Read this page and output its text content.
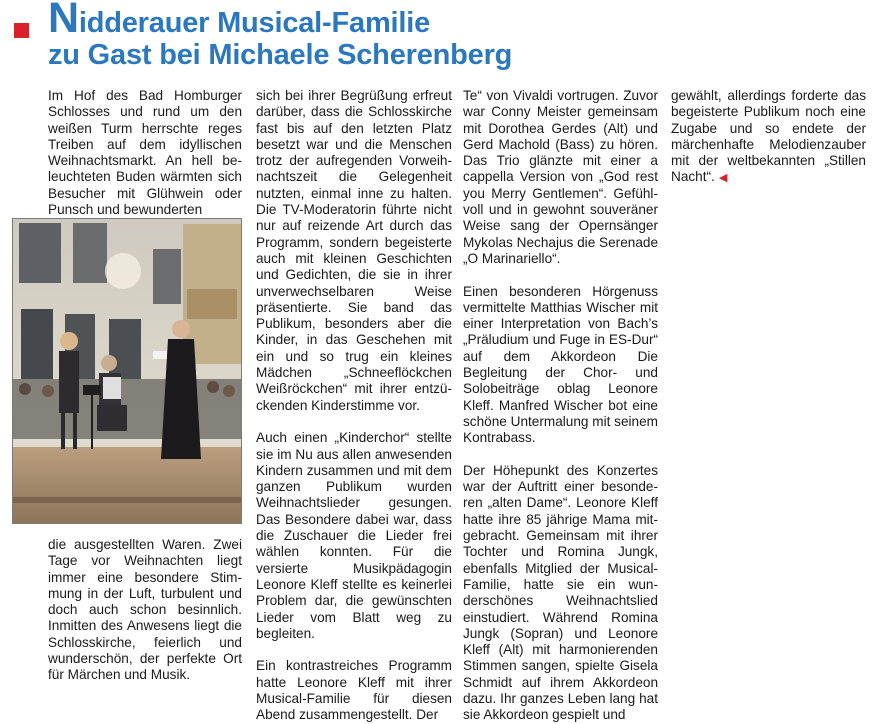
Nidderauer Musical-Familie
zu Gast bei Michaele Scherenberg

Im Hof des Bad Homburger Schlosses und rund um den weißen Turm herrschte reges Treiben auf dem idyllischen Weihnachtsmarkt. An hell beleuchteten Buden wärmten sich Besucher mit Glühwein oder Punsch und bewunderten

die ausgestellten Waren. Zwei Tage vor Weihnachten liegt immer eine besondere Stimmung in der Luft, turbulent und doch auch schon besinnlich. Inmitten des Anwesens liegt die Schlosskirche, feierlich und wunderschön, der perfekte Ort für Märchen und Musik.

sich bei ihrer Begrüßung erfreut darüber, dass die Schlosskirche fast bis auf den letzten Platz besetzt war und die Menschen trotz der aufregenden Vorweihnachtszeit die Gelegenheit nutzten, einmal inne zu halten. Die TV-Moderatorin führte nicht nur auf reizende Art durch das Programm, sondern begeisterte auch mit kleinen Geschichten und Gedichten, die sie in ihrer unverwechselbaren Weise präsentierte. Sie band das Publikum, besonders aber die Kinder, in das Geschehen mit ein und so trug ein kleines Mädchen „Schneeflöckchen Weißröckchen“ mit ihrer entzückenden Kinderstimme vor.

Auch einen „Kinderchor“ stellte sie im Nu aus allen anwesenden Kindern zusammen und mit dem ganzen Publikum wurden Weihnachtslieder gesungen. Das Besondere dabei war, dass die Zuschauer die Lieder frei wählen konnten. Für die versierte Musikpädagogin Leonore Kleff stellte es keinerlei Problem dar, die gewünschten Lieder vom Blatt weg zu begleiten.

Ein kontrastreiches Programm hatte Leonore Kleff mit ihrer Musical-Familie für diesen Abend zusammengestellt. Der

Te“ von Vivaldi vortrugen. Zuvor war Conny Meister gemeinsam mit Dorothea Gerdes (Alt) und Gerd Machold (Bass) zu hören. Das Trio glänzte mit einer a cappella Version von „God rest you Merry Gentlemen“. Gefühlvoll und in gewohnt souveräner Weise sang der Opernsänger Mykolas Nechajus die Serenade „O Marinariello“.

Einen besonderen Hörgenuss vermittelte Matthias Wischer mit einer Interpretation von Bach’s „Präludium und Fuge in ES-Dur“ auf dem Akkordeon Die Begleitung der Chor- und Solobeiträge oblag Leonore Kleff. Manfred Wischer bot eine schöne Untermalung mit seinem Kontrabass.

Der Höhepunkt des Konzertes war der Auftritt einer besonderen „alten Dame“. Leonore Kleff hatte ihre 85 jährige Mama mitgebracht. Gemeinsam mit ihrer Tochter und Romina Jungk, ebenfalls Mitglied der Musical-Familie, hatte sie ein wunderschönes Weihnachtslied einstudiert. Während Romina Jungk (Sopran) und Leonore Kleff (Alt) mit harmonierenden Stimmen sangen, spielte Gisela Schmidt auf ihrem Akkordeon dazu. Ihr ganzes Leben lang hat sie Akkordeon gespielt und

gewählt, allerdings forderte das begeisterte Publikum noch eine Zugabe und so endete der märchenhafte Melodienzauber mit der weltbekannten „Stillen Nacht“. ◀
